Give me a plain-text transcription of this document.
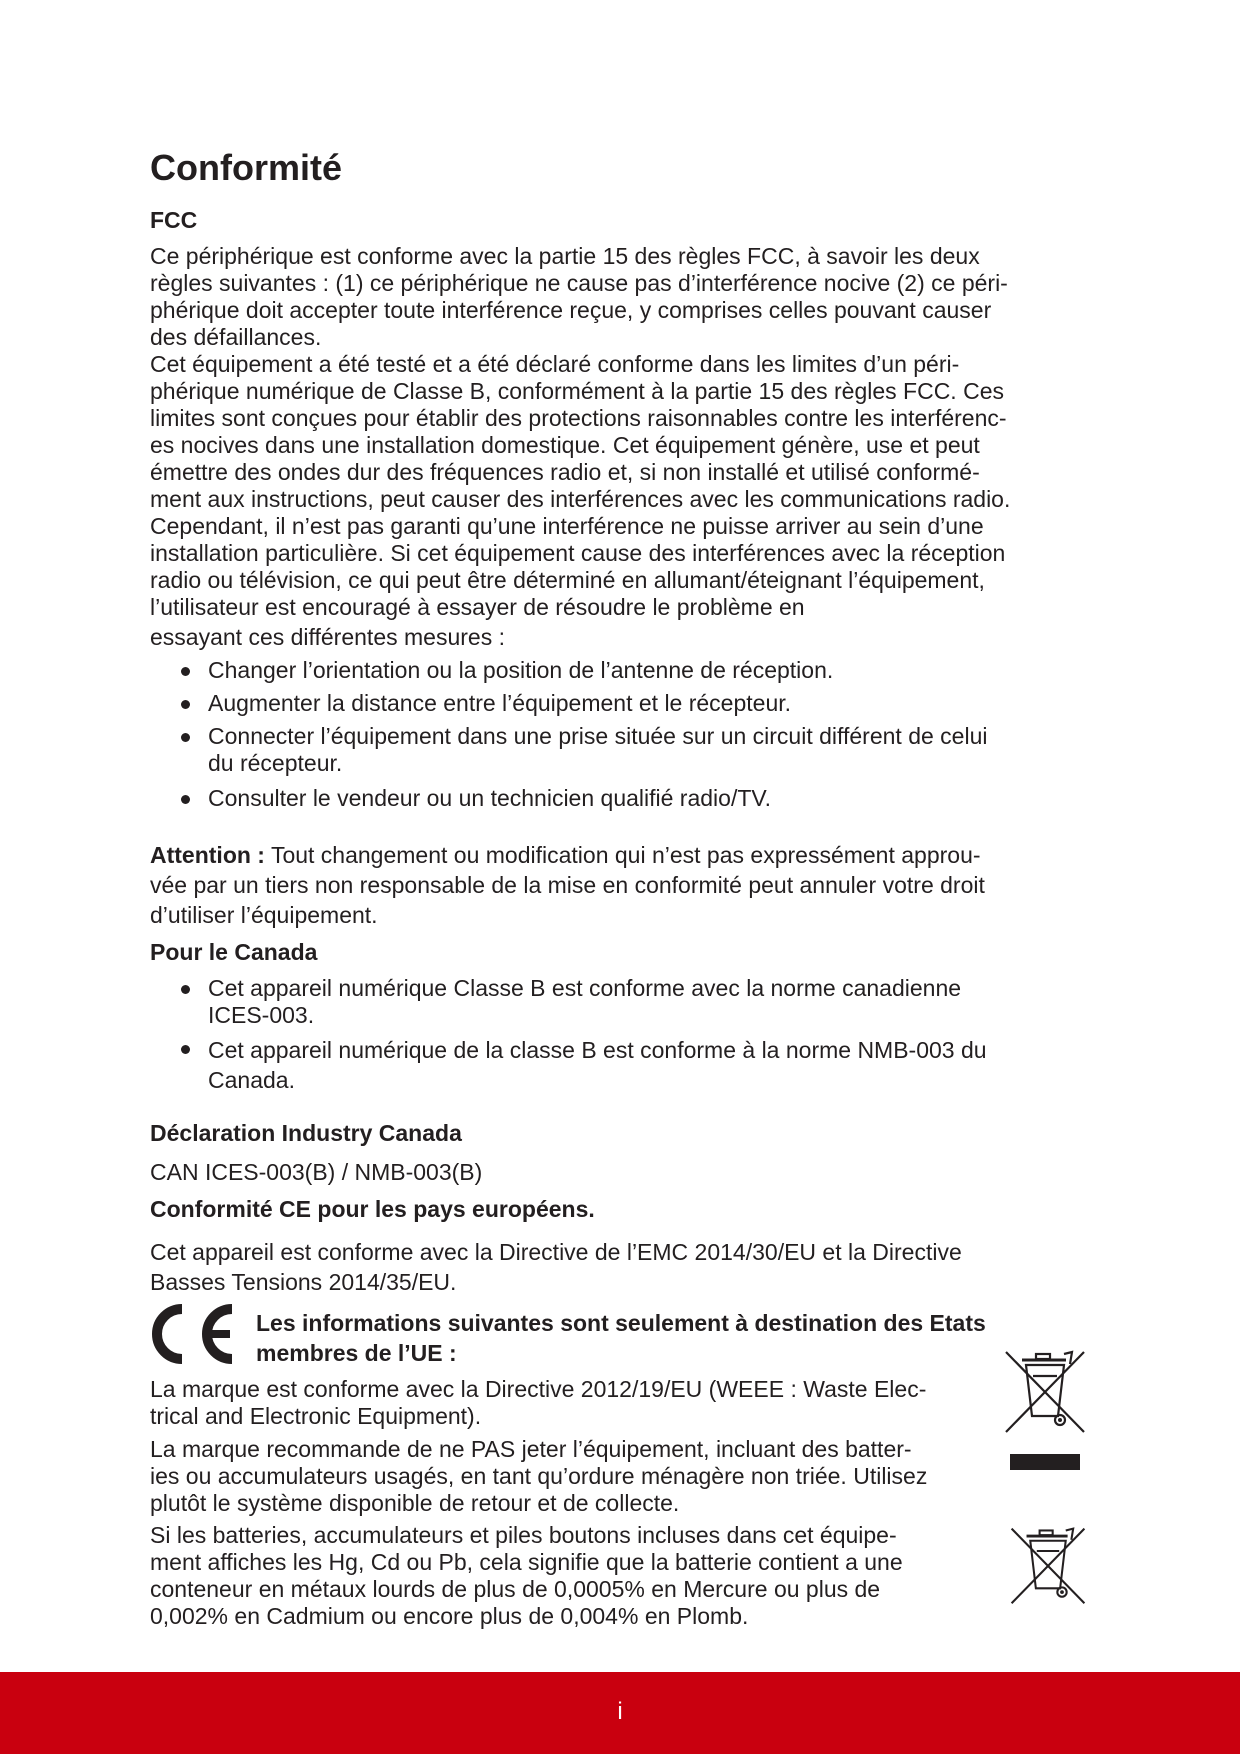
Conformité
FCC
Ce périphérique est conforme avec la partie 15 des règles FCC, à savoir les deux
règles suivantes : (1) ce périphérique ne cause pas d’interférence nocive (2) ce péri-
phérique doit accepter toute interférence reçue, y comprises celles pouvant causer
des défaillances.
Cet équipement a été testé et a été déclaré conforme dans les limites d’un péri-
phérique numérique de Classe B, conformément à la partie 15 des règles FCC. Ces
limites sont conçues pour établir des protections raisonnables contre les interférenc-
es nocives dans une installation domestique. Cet équipement génère, use et peut
émettre des ondes dur des fréquences radio et, si non installé et utilisé conformé-
ment aux instructions, peut causer des interférences avec les communications radio.
Cependant, il n’est pas garanti qu’une interférence ne puisse arriver au sein d’une
installation particulière. Si cet équipement cause des interférences avec la réception
radio ou télévision, ce qui peut être déterminé en allumant/éteignant l’équipement,
l’utilisateur est encouragé à essayer de résoudre le problème en
essayant ces différentes mesures :
Changer l’orientation ou la position de l’antenne de réception.
Augmenter la distance entre l’équipement et le récepteur.
Connecter l’équipement dans une prise située sur un circuit différent de celui
du récepteur.
Consulter le vendeur ou un technicien qualifié radio/TV.
Attention : Tout changement ou modification qui n’est pas expressément approu-
vée par un tiers non responsable de la mise en conformité peut annuler votre droit
d’utiliser l’équipement.
Pour le Canada
Cet appareil numérique Classe B est conforme avec la norme canadienne
ICES-003.
Cet appareil numérique de la classe B est conforme à la norme NMB-003 du
Canada.
Déclaration Industry Canada
CAN ICES-003(B) / NMB-003(B)
Conformité CE pour les pays européens.
Cet appareil est conforme avec la Directive de l’EMC 2014/30/EU et la Directive
Basses Tensions 2014/35/EU.
Les informations suivantes sont seulement à destination des Etats
membres de l’UE :
La marque est conforme avec la Directive 2012/19/EU (WEEE : Waste Elec-
trical and Electronic Equipment).
La marque recommande de ne PAS jeter l’équipement, incluant des batter-
ies ou accumulateurs usagés, en tant qu’ordure ménagère non triée. Utilisez
plutôt le système disponible de retour et de collecte.
Si les batteries, accumulateurs et piles boutons incluses dans cet équipe-
ment affiches les Hg, Cd ou Pb, cela signifie que la batterie contient a une
conteneur en métaux lourds de plus de 0,0005% en Mercure ou plus de
0,002% en Cadmium ou encore plus de 0,004% en Plomb.
i
